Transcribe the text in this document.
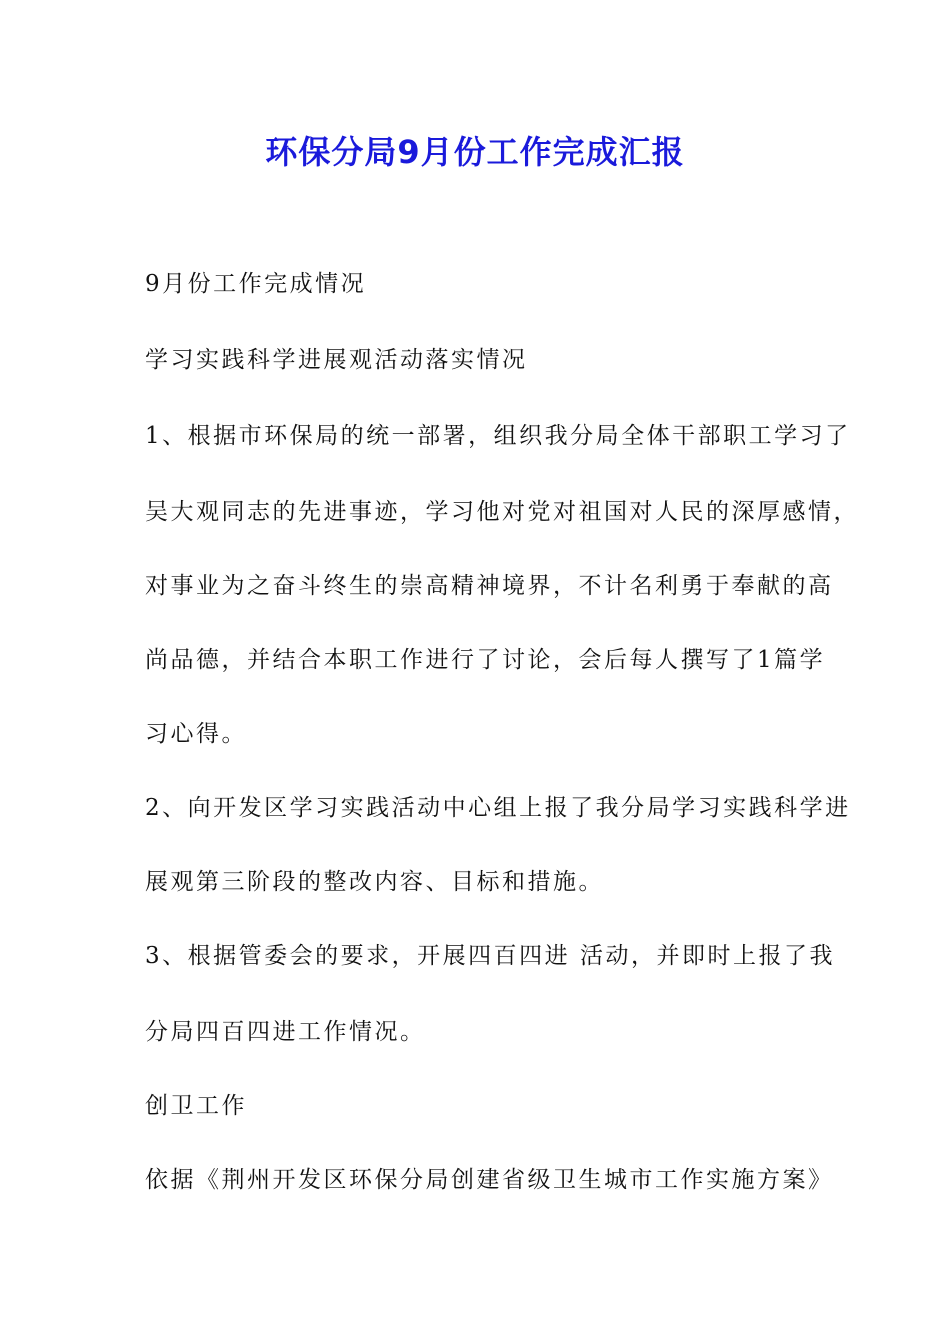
环保分局9月份工作完成汇报
9月份工作完成情况
学习实践科学进展观活动落实情况
1、根据市环保局的统一部署，组织我分局全体干部职工学习了
吴大观同志的先进事迹，学习他对党对祖国对人民的深厚感情，
对事业为之奋斗终生的崇高精神境界，不计名利勇于奉献的高
尚品德，并结合本职工作进行了讨论，会后每人撰写了1篇学
习心得。
2、向开发区学习实践活动中心组上报了我分局学习实践科学进
展观第三阶段的整改内容、目标和措施。
3、根据管委会的要求，开展四百四进 活动，并即时上报了我
分局四百四进工作情况。
创卫工作
依据《荆州开发区环保分局创建省级卫生城市工作实施方案》
